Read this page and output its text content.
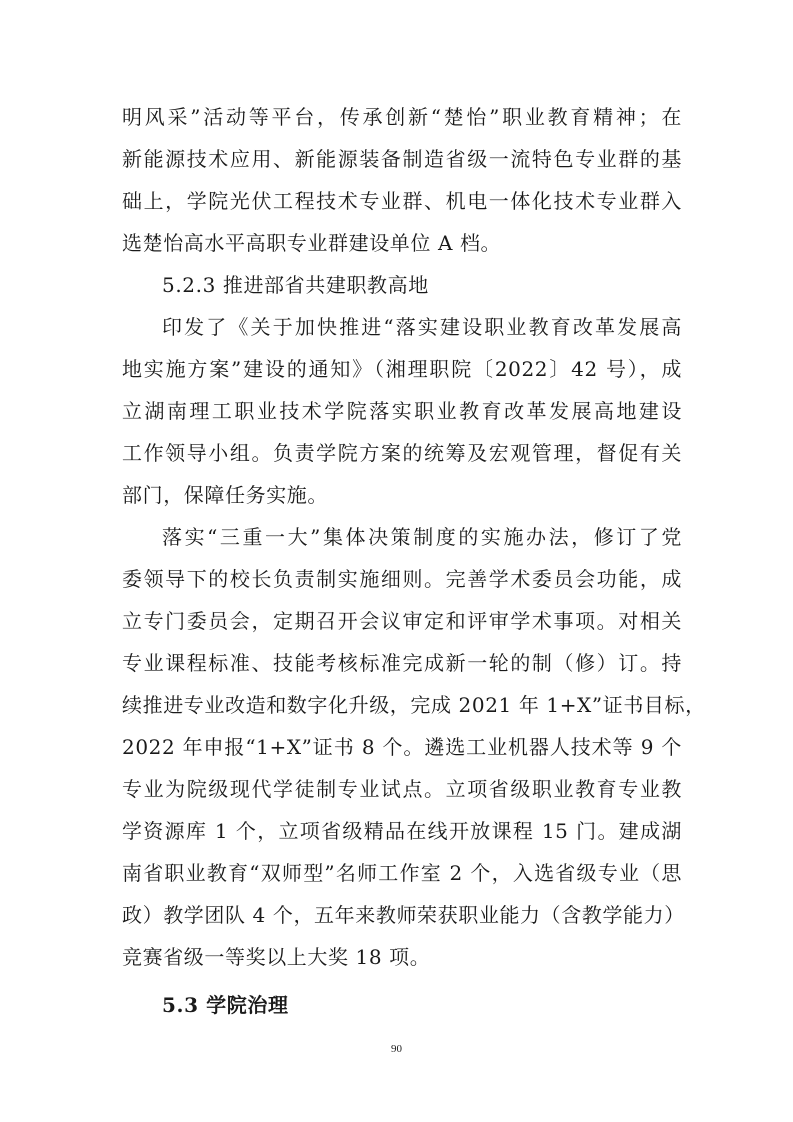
明风采”活动等平台，传承创新“楚怡”职业教育精神；在
新能源技术应用、新能源装备制造省级一流特色专业群的基
础上，学院光伏工程技术专业群、机电一体化技术专业群入
选楚怡高水平高职专业群建设单位 A 档。
5.2.3 推进部省共建职教高地
印发了《关于加快推进“落实建设职业教育改革发展高
地实施方案”建设的通知》（湘理职院〔2022〕42 号），成
立湖南理工职业技术学院落实职业教育改革发展高地建设
工作领导小组。负责学院方案的统筹及宏观管理，督促有关
部门，保障任务实施。
落实“三重一大”集体决策制度的实施办法，修订了党
委领导下的校长负责制实施细则。完善学术委员会功能，成
立专门委员会，定期召开会议审定和评审学术事项。对相关
专业课程标准、技能考核标准完成新一轮的制（修）订。持
续推进专业改造和数字化升级，完成 2021 年 1+X”证书目标，
2022 年申报“1+X”证书 8 个。遴选工业机器人技术等 9 个
专业为院级现代学徒制专业试点。立项省级职业教育专业教
学资源库 1 个，立项省级精品在线开放课程 15 门。建成湖
南省职业教育“双师型”名师工作室 2 个，入选省级专业（思
政）教学团队 4 个，五年来教师荣获职业能力（含教学能力）
竞赛省级一等奖以上大奖 18 项。
5.3 学院治理
90
